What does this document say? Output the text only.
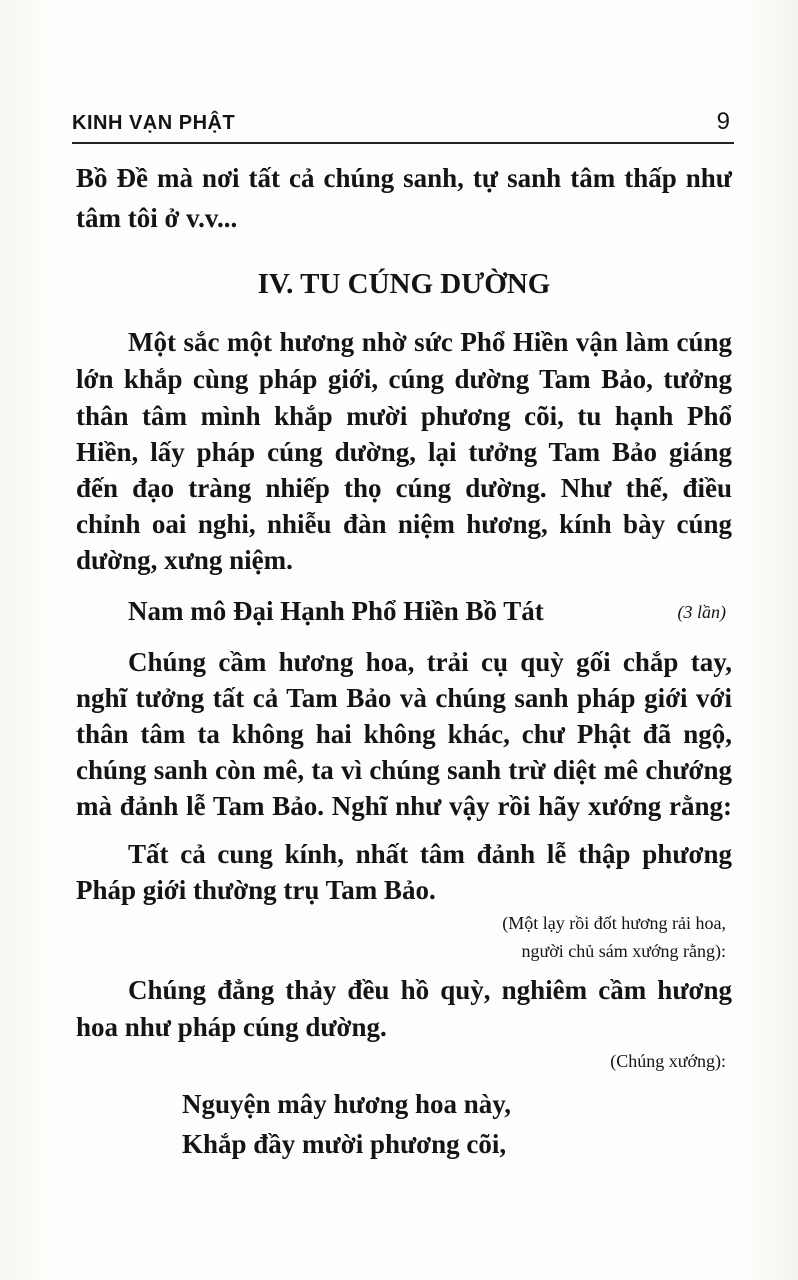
KINH VẠN PHẬT	9
Bồ Đề mà nơi tất cả chúng sanh, tự sanh tâm thấp như
tâm tôi ở v.v...
IV. TU CÚNG DƯỜNG
Một sắc một hương nhờ sức Phổ Hiền vận làm cúng
lớn khắp cùng pháp giới, cúng dường Tam Bảo, tưởng
thân tâm mình khắp mười phương cõi, tu hạnh Phổ
Hiền, lấy pháp cúng dường, lại tưởng Tam Bảo giáng
đến đạo tràng nhiếp thọ cúng dường. Như thế, điều
chỉnh oai nghi, nhiễu đàn niệm hương, kính bày cúng
dường, xưng niệm.
Nam mô Đại Hạnh Phổ Hiền Bồ Tát	(3 lần)
Chúng cầm hương hoa, trải cụ quỳ gối chắp tay,
nghĩ tưởng tất cả Tam Bảo và chúng sanh pháp giới với
thân tâm ta không hai không khác, chư Phật đã ngộ,
chúng sanh còn mê, ta vì chúng sanh trừ diệt mê chướng
mà đảnh lễ Tam Bảo. Nghĩ như vậy rồi hãy xướng rằng:
Tất cả cung kính, nhất tâm đảnh lễ thập phương
Pháp giới thường trụ Tam Bảo.
(Một lạy rồi đốt hương rải hoa,
người chủ sám xướng rằng):
Chúng đẳng thảy đều hồ quỳ, nghiêm cầm hương
hoa như pháp cúng dường.
(Chúng xướng):
Nguyện mây hương hoa này,
Khắp đầy mười phương cõi,
